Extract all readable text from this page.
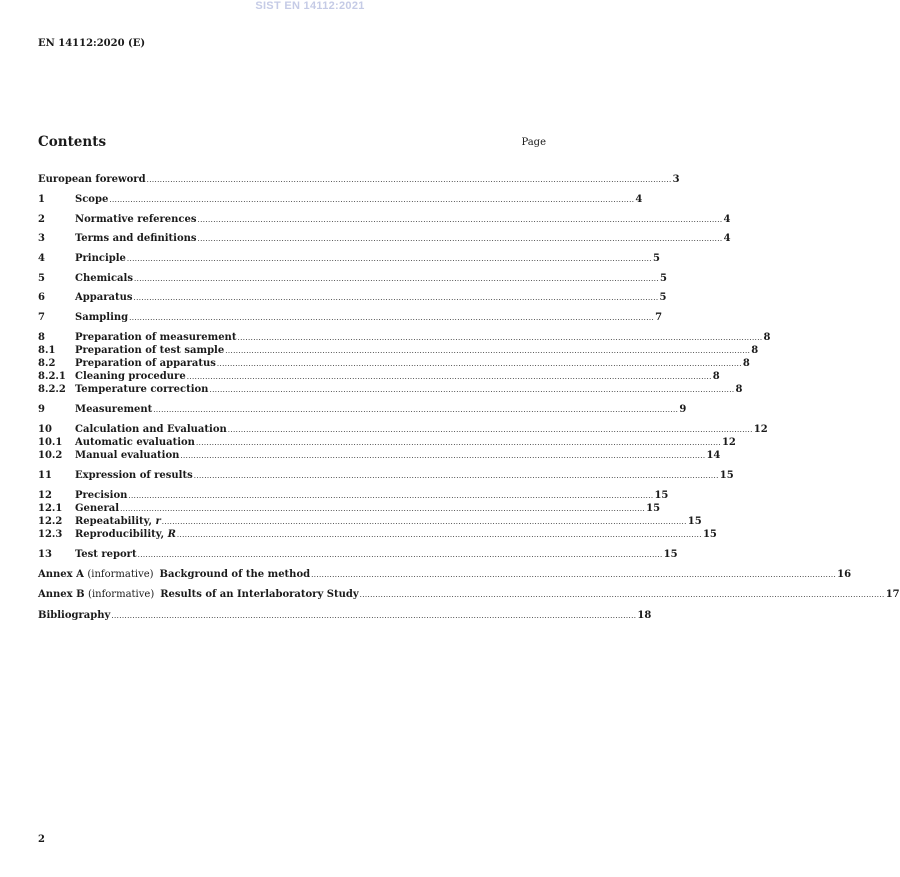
SIST EN 14112:2021
EN 14112:2020 (E)
Contents	Page
European foreword ........................................................................................................................................................................................................ 3
1	Scope ........................................................................................................................................................................................................ 4
2	Normative references ........................................................................................................................................................................................................ 4
3	Terms and definitions ........................................................................................................................................................................................................ 4
4	Principle ........................................................................................................................................................................................................ 5
5	Chemicals ........................................................................................................................................................................................................ 5
6	Apparatus ........................................................................................................................................................................................................ 5
7	Sampling ........................................................................................................................................................................................................ 7
8	Preparation of measurement ........................................................................................................................................................................................................ 8
8.1	Preparation of test sample ........................................................................................................................................................................................................ 8
8.2	Preparation of apparatus ........................................................................................................................................................................................................ 8
8.2.1 Cleaning procedure ........................................................................................................................................................................................................ 8
8.2.2 Temperature correction ........................................................................................................................................................................................................ 8
9	Measurement ........................................................................................................................................................................................................ 9
10	Calculation and Evaluation ........................................................................................................................................................................................................ 12
10.1	Automatic evaluation ........................................................................................................................................................................................................ 12
10.2	Manual evaluation ........................................................................................................................................................................................................ 14
11	Expression of results ........................................................................................................................................................................................................ 15
12	Precision ........................................................................................................................................................................................................ 15
12.1	General ........................................................................................................................................................................................................ 15
12.2	Repeatability, r ........................................................................................................................................................................................................ 15
12.3	Reproducibility, R ........................................................................................................................................................................................................ 15
13	Test report ........................................................................................................................................................................................................ 15
Annex A (informative) Background of the method ........................................................................................................................................................................................................ 16
Annex B (informative) Results of an Interlaboratory Study ........................................................................................................................................................................................................ 17
Bibliography ........................................................................................................................................................................................................ 18
2
